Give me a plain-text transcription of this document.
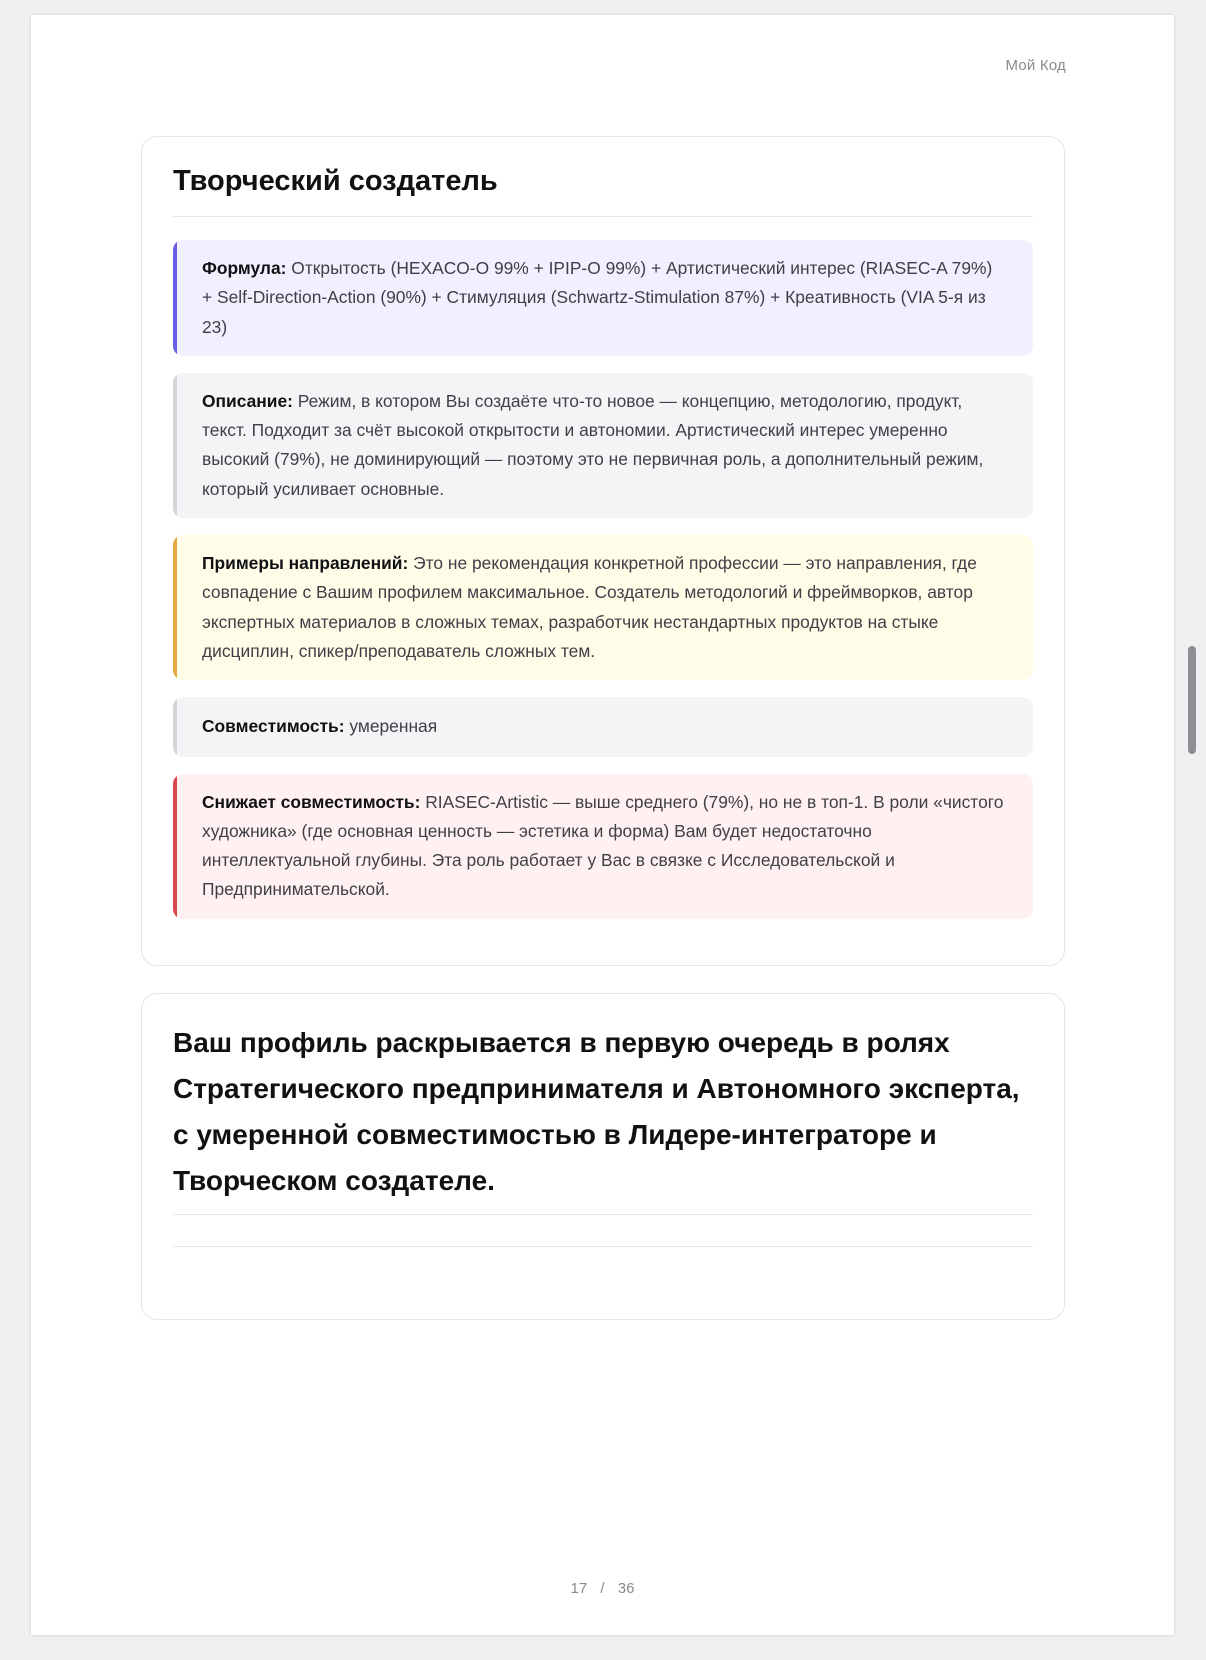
Мой Код
Творческий создатель
Формула: Открытость (HEXACO-O 99% + IPIP-O 99%) + Артистический интерес (RIASEC-A 79%) + Self-Direction-Action (90%) + Стимуляция (Schwartz-Stimulation 87%) + Креативность (VIA 5-я из 23)
Описание: Режим, в котором Вы создаёте что-то новое — концепцию, методологию, продукт, текст. Подходит за счёт высокой открытости и автономии. Артистический интерес умеренно высокий (79%), не доминирующий — поэтому это не первичная роль, а дополнительный режим, который усиливает основные.
Примеры направлений: Это не рекомендация конкретной профессии — это направления, где совпадение с Вашим профилем максимальное. Создатель методологий и фреймворков, автор экспертных материалов в сложных темах, разработчик нестандартных продуктов на стыке дисциплин, спикер/преподаватель сложных тем.
Совместимость: умеренная
Снижает совместимость: RIASEC-Artistic — выше среднего (79%), но не в топ-1. В роли «чистого художника» (где основная ценность — эстетика и форма) Вам будет недостаточно интеллектуальной глубины. Эта роль работает у Вас в связке с Исследовательской и Предпринимательской.
Ваш профиль раскрывается в первую очередь в ролях Стратегического предпринимателя и Автономного эксперта, с умеренной совместимостью в Лидере-интеграторе и Творческом создателе.
17 / 36
